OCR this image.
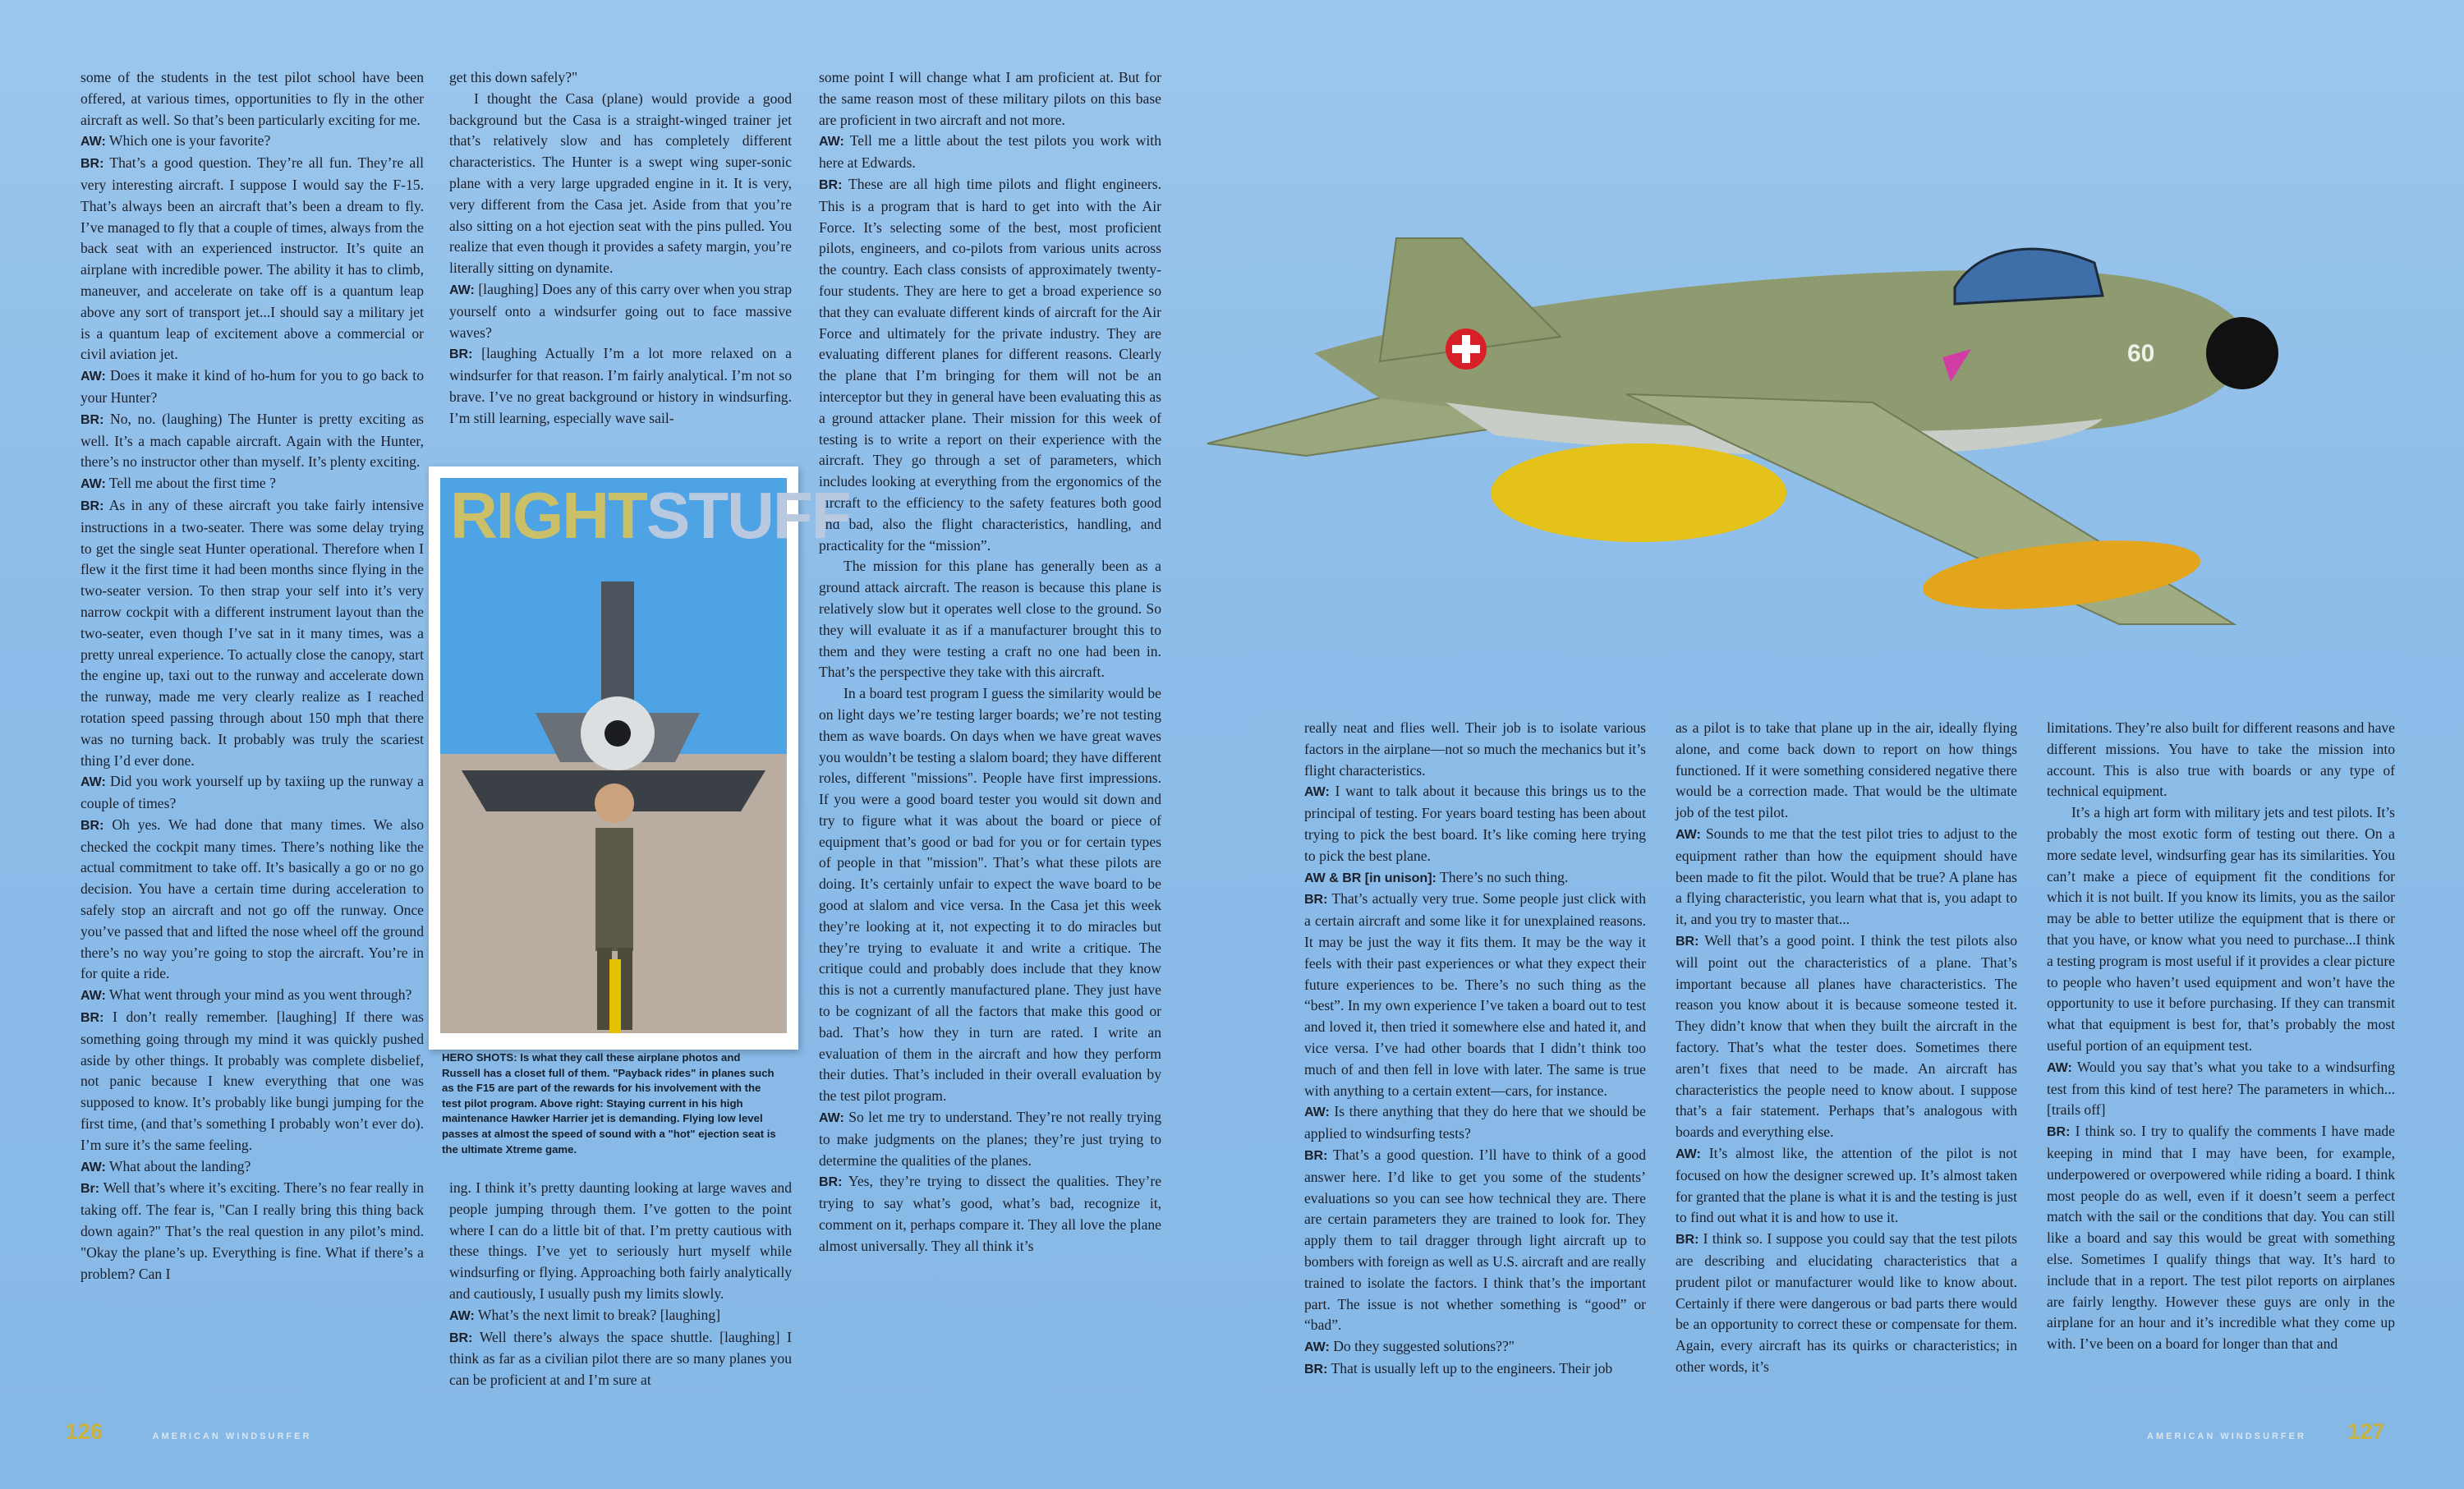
60

some of the students in the test pilot school have been offered, at various times, opportunities to fly in the other aircraft as well. So that’s been particularly exciting for me.

AW: Which one is your favorite?

BR: That’s a good question. They’re all fun. They’re all very interesting aircraft. I suppose I would say the F-15. That’s always been an aircraft that’s been a dream to fly. I’ve managed to fly that a couple of times, always from the back seat with an experienced instructor. It’s quite an airplane with incredible power. The ability it has to climb, maneuver, and accelerate on take off is a quantum leap above any sort of transport jet...I should say a military jet is a quantum leap of excitement above a commercial or civil aviation jet.

AW: Does it make it kind of ho-hum for you to go back to your Hunter?

BR: No, no. (laughing) The Hunter is pretty exciting as well. It’s a mach capable aircraft. Again with the Hunter, there’s no instructor other than myself. It’s plenty exciting.

AW: Tell me about the first time ?

BR: As in any of these aircraft you take fairly intensive instructions in a two-seater. There was some delay trying to get the single seat Hunter operational. Therefore when I flew it the first time it had been months since flying in the two-seater version. To then strap your self into it’s very narrow cockpit with a different instrument layout than the two-seater, even though I’ve sat in it many times, was a pretty unreal experience. To actually close the canopy, start the engine up, taxi out to the runway and accelerate down the runway, made me very clearly realize as I reached rotation speed passing through about 150 mph that there was no turning back. It probably was truly the scariest thing I’d ever done.

AW: Did you work yourself up by taxiing up the runway a couple of times?

BR: Oh yes. We had done that many times. We also checked the cockpit many times. There’s nothing like the actual commitment to take off. It’s basically a go or no go decision. You have a certain time during acceleration to safely stop an aircraft and not go off the runway. Once you’ve passed that and lifted the nose wheel off the ground there’s no way you’re going to stop the aircraft. You’re in for quite a ride.

AW: What went through your mind as you went through?

BR: I don’t really remember. [laughing] If there was something going through my mind it was quickly pushed aside by other things. It probably was complete disbelief, not panic because I knew everything that one was supposed to know. It’s probably like bungi jumping for the first time, (and that’s something I probably won’t ever do). I’m sure it’s the same feeling.

AW: What about the landing?

Br: Well that’s where it’s exciting. There’s no fear really in taking off. The fear is, "Can I really bring this thing back down again?" That’s the real question in any pilot’s mind. "Okay the plane’s up. Everything is fine. What if there’s a problem? Can I

get this down safely?"

I thought the Casa (plane) would provide a good background but the Casa is a straight-winged trainer jet that’s relatively slow and has completely different characteristics. The Hunter is a swept wing super-sonic plane with a very large upgraded engine in it. It is very, very different from the Casa jet. Aside from that you’re also sitting on a hot ejection seat with the pins pulled. You realize that even though it provides a safety margin, you’re literally sitting on dynamite.

AW: [laughing] Does any of this carry over when you strap yourself onto a windsurfer going out to face massive waves?

BR: [laughing Actually I’m a lot more relaxed on a windsurfer for that reason. I’m fairly analytical. I’m not so brave. I’ve no great background or history in windsurfing. I’m still learning, especially wave sail-

ing. I think it’s pretty daunting looking at large waves and people jumping through them. I’ve gotten to the point where I can do a little bit of that. I’m pretty cautious with these things. I’ve yet to seriously hurt myself while windsurfing or flying. Approaching both fairly analytically and cautiously, I usually push my limits slowly.

AW: What’s the next limit to break? [laughing]

BR: Well there’s always the space shuttle. [laughing] I think as far as a civilian pilot there are so many planes you can be proficient at and I’m sure at

some point I will change what I am proficient at. But for the same reason most of these military pilots on this base are proficient in two aircraft and not more.

AW: Tell me a little about the test pilots you work with here at Edwards.

BR: These are all high time pilots and flight engineers. This is a program that is hard to get into with the Air Force. It’s selecting some of the best, most proficient pilots, engineers, and co-pilots from various units across the country. Each class consists of approximately twenty-four students. They are here to get a broad experience so that they can evaluate different kinds of aircraft for the Air Force and ultimately for the private industry. They are evaluating different planes for different reasons. Clearly the plane that I’m bringing for them will not be an interceptor but they in general have been evaluating this as a ground attacker plane. Their mission for this week of testing is to write a report on their experience with the aircraft. They go through a set of parameters, which includes looking at everything from the ergonomics of the aircraft to the efficiency to the safety features both good and bad, also the flight characteristics, handling, and practicality for the “mission”.

The mission for this plane has generally been as a ground attack aircraft. The reason is because this plane is relatively slow but it operates well close to the ground. So they will evaluate it as if a manufacturer brought this to them and they were testing a craft no one had been in. That’s the perspective they take with this aircraft.

In a board test program I guess the similarity would be on light days we’re testing larger boards; we’re not testing them as wave boards. On days when we have great waves you wouldn’t be testing a slalom board; they have different roles, different "missions". People have first impressions. If you were a good board tester you would sit down and try to figure what it was about the board or piece of equipment that’s good or bad for you or for certain types of people in that "mission". That’s what these pilots are doing. It’s certainly unfair to expect the wave board to be good at slalom and vice versa. In the Casa jet this week they’re looking at it, not expecting it to do miracles but they’re trying to evaluate it and write a critique. The critique could and probably does include that they know this is not a currently manufactured plane. They just have to be cognizant of all the factors that make this good or bad. That’s how they in turn are rated. I write an evaluation of them in the aircraft and how they perform their duties. That’s included in their overall evaluation by the test pilot program.

AW: So let me try to understand. They’re not really trying to make judgments on the planes; they’re just trying to determine the qualities of the planes.

BR: Yes, they’re trying to dissect the qualities. They’re trying to say what’s good, what’s bad, recognize it, comment on it, perhaps compare it. They all love the plane almost universally. They all think it’s

RIGHTSTUFF
HERO SHOTS: Is what they call these airplane photos and Russell has a closet full of them. "Payback rides" in planes such as the F15 are part of the rewards for his involvement with the test pilot program. Above right: Staying current in his high maintenance Hawker Harrier jet is demanding. Flying low level passes at almost the speed of sound with a "hot" ejection seat is the ultimate Xtreme game.

really neat and flies well. Their job is to isolate various factors in the airplane—not so much the mechanics but it’s flight characteristics.

AW: I want to talk about it because this brings us to the principal of testing. For years board testing has been about trying to pick the best board. It’s like coming here trying to pick the best plane.

AW & BR [in unison]: There’s no such thing.

BR: That’s actually very true. Some people just click with a certain aircraft and some like it for unexplained reasons. It may be just the way it fits them. It may be the way it feels with their past experiences or what they expect their future experiences to be. There’s no such thing as the “best”. In my own experience I’ve taken a board out to test and loved it, then tried it somewhere else and hated it, and vice versa. I’ve had other boards that I didn’t think too much of and then fell in love with later. The same is true with anything to a certain extent—cars, for instance.

AW: Is there anything that they do here that we should be applied to windsurfing tests?

BR: That’s a good question. I’ll have to think of a good answer here. I’d like to get you some of the students’ evaluations so you can see how technical they are. There are certain parameters they are trained to look for. They apply them to tail dragger through light aircraft up to bombers with foreign as well as U.S. aircraft and are really trained to isolate the factors. I think that’s the important part. The issue is not whether something is “good” or “bad”.

AW: Do they suggested solutions??"

BR: That is usually left up to the engineers. Their job

as a pilot is to take that plane up in the air, ideally flying alone, and come back down to report on how things functioned. If it were something considered negative there would be a correction made. That would be the ultimate job of the test pilot.

AW: Sounds to me that the test pilot tries to adjust to the equipment rather than how the equipment should have been made to fit the pilot. Would that be true? A plane has a flying characteristic, you learn what that is, you adapt to it, and you try to master that...

BR: Well that’s a good point. I think the test pilots also will point out the characteristics of a plane. That’s important because all planes have characteristics. The reason you know about it is because someone tested it. They didn’t know that when they built the aircraft in the factory. That’s what the tester does. Sometimes there aren’t fixes that need to be made. An aircraft has characteristics the people need to know about. I suppose that’s a fair statement. Perhaps that’s analogous with boards and everything else.

AW: It’s almost like, the attention of the pilot is not focused on how the designer screwed up. It’s almost taken for granted that the plane is what it is and the testing is just to find out what it is and how to use it.

BR: I think so. I suppose you could say that the test pilots are describing and elucidating characteristics that a prudent pilot or manufacturer would like to know about. Certainly if there were dangerous or bad parts there would be an opportunity to correct these or compensate for them. Again, every aircraft has its quirks or characteristics; in other words, it’s

limitations. They’re also built for different reasons and have different missions. You have to take the mission into account. This is also true with boards or any type of technical equipment.

It’s a high art form with military jets and test pilots. It’s probably the most exotic form of testing out there. On a more sedate level, windsurfing gear has its similarities. You can’t make a piece of equipment fit the conditions for which it is not built. If you know its limits, you as the sailor may be able to better utilize the equipment that is there or that you have, or know what you need to purchase...I think a testing program is most useful if it provides a clear picture to people who haven’t used equipment and won’t have the opportunity to use it before purchasing. If they can transmit what that equipment is best for, that’s probably the most useful portion of an equipment test.

AW: Would you say that’s what you take to a windsurfing test from this kind of test here? The parameters in which...[trails off]

BR: I think so. I try to qualify the comments I have made keeping in mind that I may have been, for example, underpowered or overpowered while riding a board. I think most people do as well, even if it doesn’t seem a perfect match with the sail or the conditions that day. You can still like a board and say this would be great with something else. Sometimes I qualify things that way. It’s hard to include that in a report. The test pilot reports on airplanes are fairly lengthy. However these guys are only in the airplane for an hour and it’s incredible what they come up with. I’ve been on a board for longer than that and

126	AMERICAN WINDSURFER	AMERICAN WINDSURFER 127
